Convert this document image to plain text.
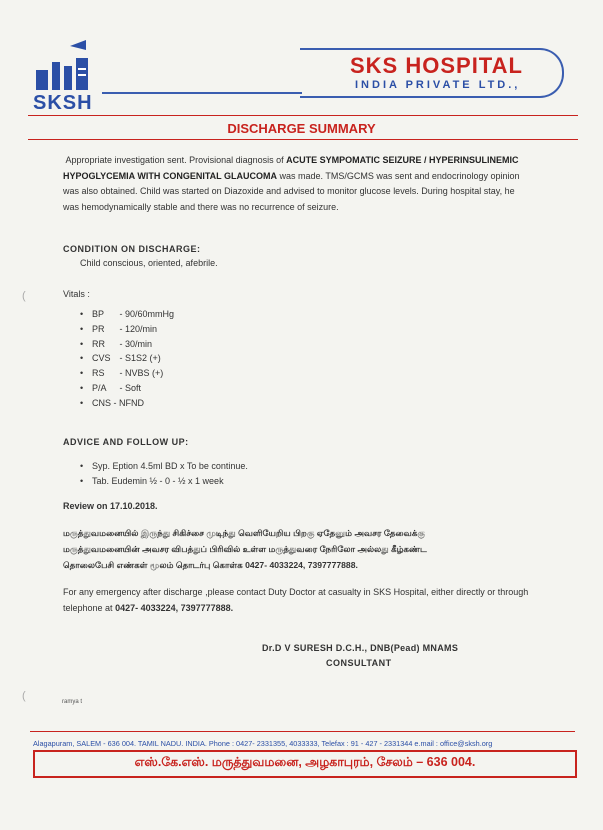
SKSH
SKS HOSPITAL
INDIA PRIVATE LTD.,
DISCHARGE SUMMARY
Appropriate investigation sent. Provisional diagnosis of ACUTE SYMPOMATIC SEIZURE / HYPERINSULINEMIC HYPOGLYCEMIA WITH CONGENITAL GLAUCOMA was made. TMS/GCMS was sent and endocrinology opinion was also obtained. Child was started on Diazoxide and advised to monitor glucose levels. During hospital stay, he was hemodynamically stable and there was no recurrence of seizure.
CONDITION ON DISCHARGE:
Child conscious, oriented, afebrile.
(	Vitals :
• BP - 90/60mmHg
• PR - 120/min
• RR - 30/min
• CVS - S1S2 (+)
• RS - NVBS (+)
• P/A - Soft
• CNS - NFND
ADVICE AND FOLLOW UP:
• Syp. Eption 4.5ml BD x To be continue.
• Tab. Eudemin ½ - 0 - ½ x 1 week
Review on 17.10.2018.
மருத்துவமனையில் இருந்து சிகிச்சை முடிந்து வெளியேறிய பிறகு ஏதேனும் அவசர தேவைக்கு
மருத்துவமனையின் அவசர விபத்துப் பிரிவில் உள்ள மருத்துவரை நேரிலோ அல்லது கீழ்கண்ட
தொலைபேசி எண்கள் மூலம் தொடர்பு கொள்க 0427- 4033224, 7397777888.
For any emergency after discharge ,please contact Duty Doctor at casualty in SKS Hospital, either directly or through telephone at 0427- 4033224, 7397777888.
Dr.D V SURESH D.C.H., DNB(Pead) MNAMS
CONSULTANT
ramya t
(
Alagapuram, SALEM - 636 004. TAMIL NADU. INDIA. Phone : 0427- 2331355, 4033333, Telefax : 91 - 427 - 2331344 e.mail : office@sksh.org
எஸ்.கே.எஸ். மருத்துவமனை, அழகாபுரம், சேலம் – 636 004.
